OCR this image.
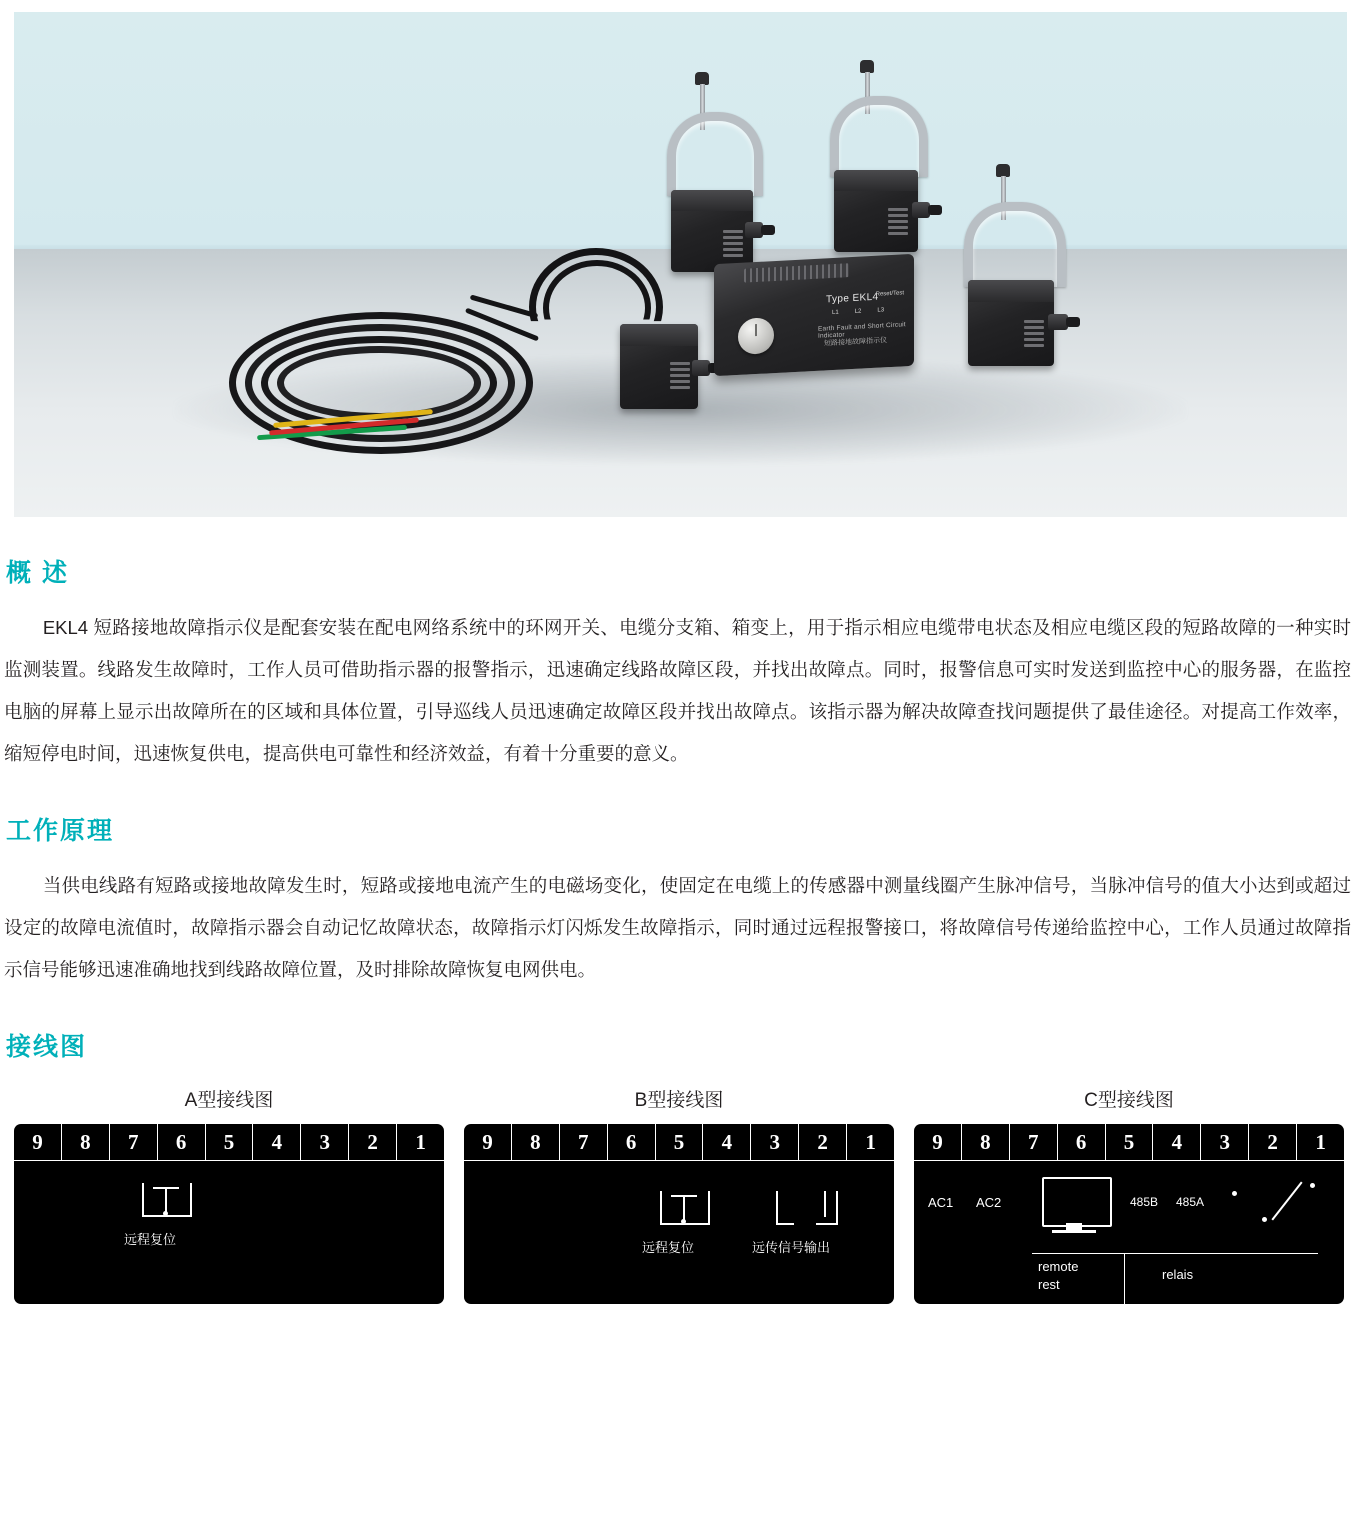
Type EKL4
L1	L2	L3
Reset/Test
Earth Fault and Short Circuit Indicator
短路接地故障指示仪
概 述

EKL4 短路接地故障指示仪是配套安装在配电网络系统中的环网开关、电缆分支箱、箱变上，用于指示相应电缆带电状态及相应电缆区段的短路故障的一种实时监测装置。线路发生故障时，工作人员可借助指示器的报警指示，迅速确定线路故障区段，并找出故障点。同时，报警信息可实时发送到监控中心的服务器，在监控电脑的屏幕上显示出故障所在的区域和具体位置，引导巡线人员迅速确定故障区段并找出故障点。该指示器为解决故障查找问题提供了最佳途径。对提高工作效率，缩短停电时间，迅速恢复供电，提高供电可靠性和经济效益，有着十分重要的意义。

工作原理

当供电线路有短路或接地故障发生时，短路或接地电流产生的电磁场变化，使固定在电缆上的传感器中测量线圈产生脉冲信号，当脉冲信号的值大小达到或超过设定的故障电流值时，故障指示器会自动记忆故障状态，故障指示灯闪烁发生故障指示，同时通过远程报警接口，将故障信号传递给监控中心，工作人员通过故障指示信号能够迅速准确地找到线路故障位置，及时排除故障恢复电网供电。

接线图
A型接线图
9	8	7	6	5	4	3	2	1
远程复位
B型接线图
9	8	7	6	5	4	3	2	1
远程复位	远传信号输出
C型接线图
9	8	7	6	5	4	3	2	1
AC1 AC2	485B 485A
remote
rest
relais
